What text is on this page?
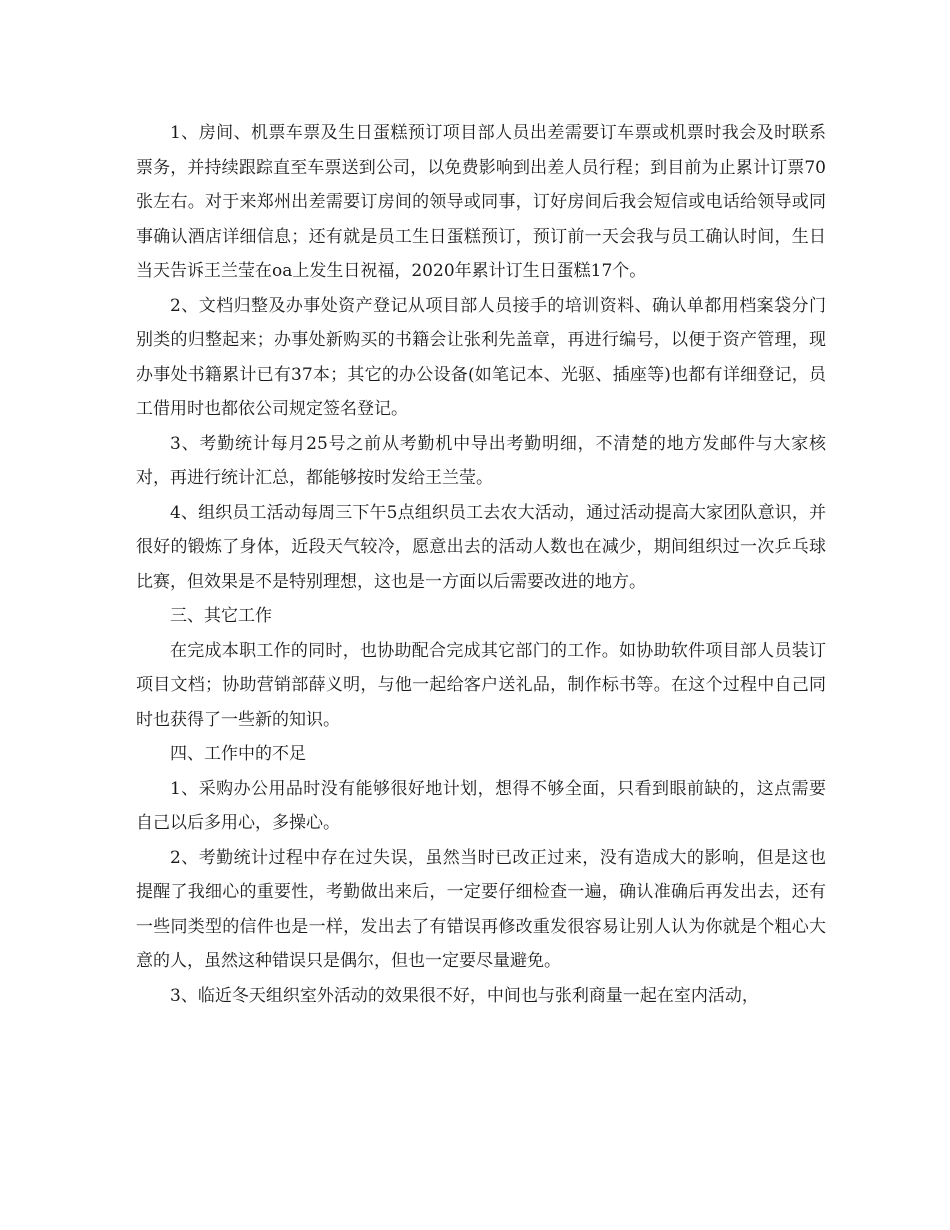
1、房间、机票车票及生日蛋糕预订项目部人员出差需要订车票或机票时我会及时联系票务，并持续跟踪直至车票送到公司，以免费影响到出差人员行程；到目前为止累计订票70张左右。对于来郑州出差需要订房间的领导或同事，订好房间后我会短信或电话给领导或同事确认酒店详细信息；还有就是员工生日蛋糕预订，预订前一天会我与员工确认时间，生日当天告诉王兰莹在oa上发生日祝福，2020年累计订生日蛋糕17个。

2、文档归整及办事处资产登记从项目部人员接手的培训资料、确认单都用档案袋分门别类的归整起来；办事处新购买的书籍会让张利先盖章，再进行编号，以便于资产管理，现办事处书籍累计已有37本；其它的办公设备(如笔记本、光驱、插座等)也都有详细登记，员工借用时也都依公司规定签名登记。

3、考勤统计每月25号之前从考勤机中导出考勤明细，不清楚的地方发邮件与大家核对，再进行统计汇总，都能够按时发给王兰莹。

4、组织员工活动每周三下午5点组织员工去农大活动，通过活动提高大家团队意识，并很好的锻炼了身体，近段天气较冷，愿意出去的活动人数也在减少，期间组织过一次乒乓球比赛，但效果是不是特别理想，这也是一方面以后需要改进的地方。

三、其它工作

在完成本职工作的同时，也协助配合完成其它部门的工作。如协助软件项目部人员装订项目文档；协助营销部薛义明，与他一起给客户送礼品，制作标书等。在这个过程中自己同时也获得了一些新的知识。

四、工作中的不足

1、采购办公用品时没有能够很好地计划，想得不够全面，只看到眼前缺的，这点需要自己以后多用心，多操心。

2、考勤统计过程中存在过失误，虽然当时已改正过来，没有造成大的影响，但是这也提醒了我细心的重要性，考勤做出来后，一定要仔细检查一遍，确认准确后再发出去，还有一些同类型的信件也是一样，发出去了有错误再修改重发很容易让别人认为你就是个粗心大意的人，虽然这种错误只是偶尔，但也一定要尽量避免。

3、临近冬天组织室外活动的效果很不好，中间也与张利商量一起在室内活动，
